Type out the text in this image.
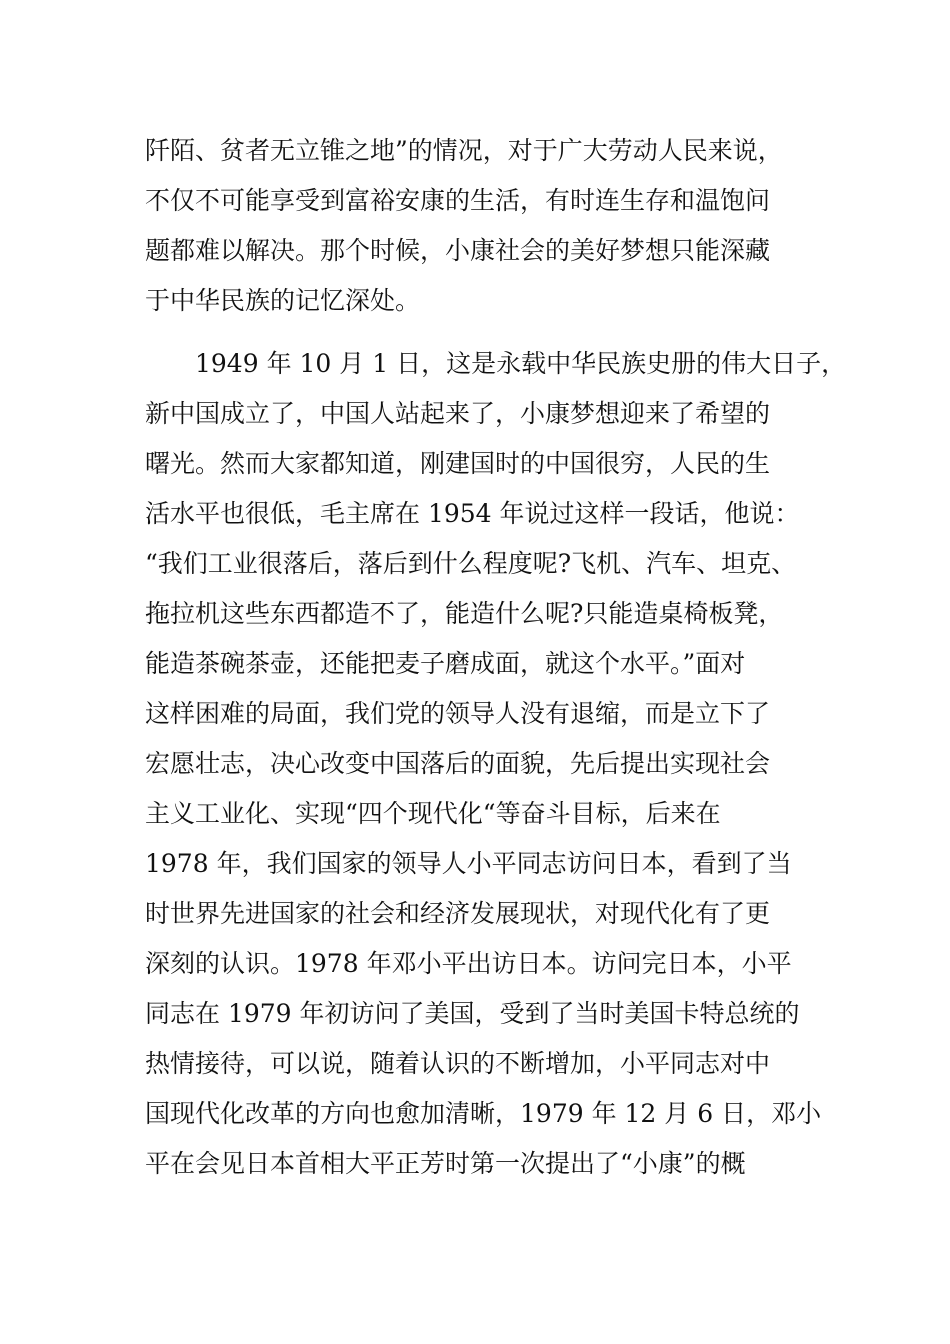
阡陌、贫者无立锥之地”的情况，对于广大劳动人民来说，
不仅不可能享受到富裕安康的生活，有时连生存和温饱问
题都难以解决。那个时候，小康社会的美好梦想只能深藏
于中华民族的记忆深处。
1949 年 10 月 1 日，这是永载中华民族史册的伟大日子，
新中国成立了，中国人站起来了，小康梦想迎来了希望的
曙光。然而大家都知道，刚建国时的中国很穷，人民的生
活水平也很低，毛主席在 1954 年说过这样一段话，他说：
“我们工业很落后，落后到什么程度呢?飞机、汽车、坦克、
拖拉机这些东西都造不了，能造什么呢?只能造桌椅板凳，
能造茶碗茶壶，还能把麦子磨成面，就这个水平。”面对
这样困难的局面，我们党的领导人没有退缩，而是立下了
宏愿壮志，决心改变中国落后的面貌，先后提出实现社会
主义工业化、实现“四个现代化“等奋斗目标，后来在
1978 年，我们国家的领导人小平同志访问日本，看到了当
时世界先进国家的社会和经济发展现状，对现代化有了更
深刻的认识。1978 年邓小平出访日本。访问完日本，小平
同志在 1979 年初访问了美国，受到了当时美国卡特总统的
热情接待，可以说，随着认识的不断增加，小平同志对中
国现代化改革的方向也愈加清晰，1979 年 12 月 6 日，邓小
平在会见日本首相大平正芳时第一次提出了“小康”的概
